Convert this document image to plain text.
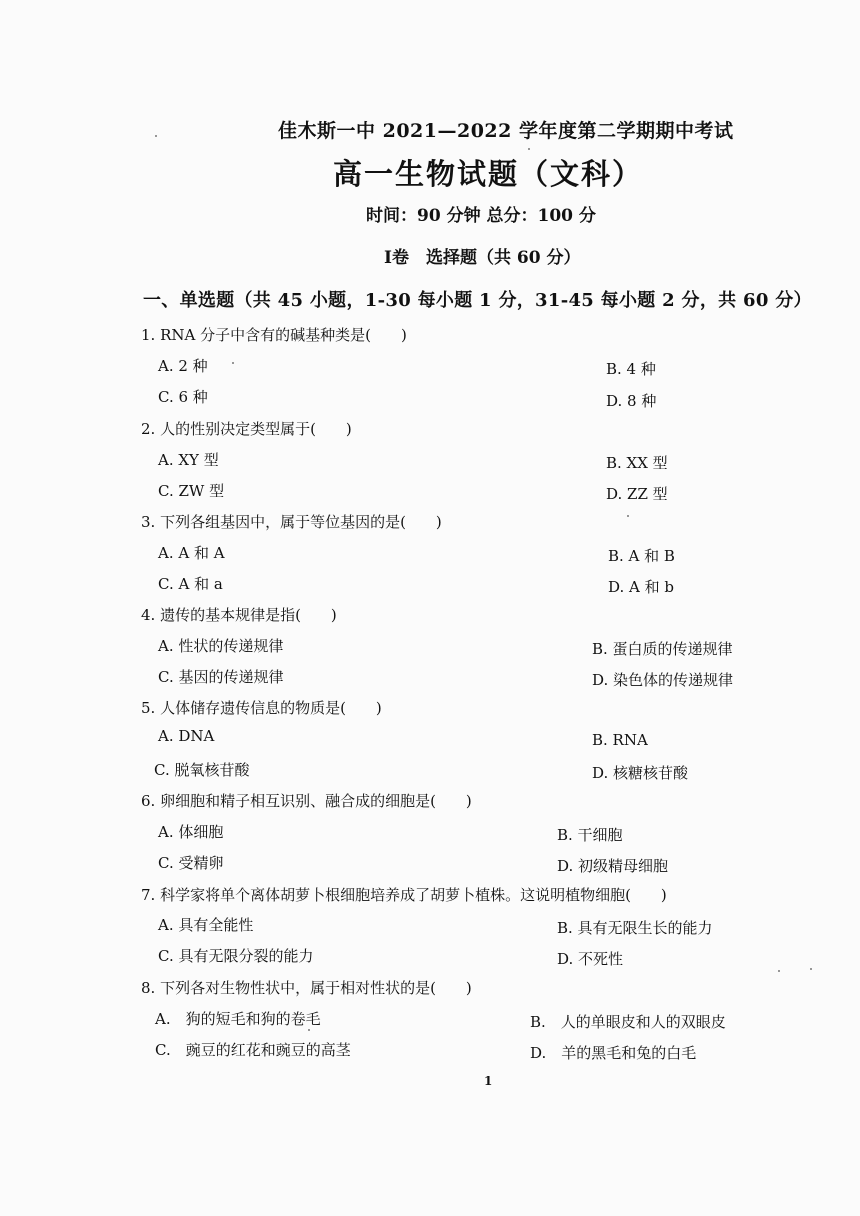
佳木斯一中 2021—2022 学年度第二学期期中考试
高一生物试题（文科）
时间：90 分钟 总分：100 分
Ⅰ卷　选择题（共 60 分）
一、单选题（共 45 小题，1-30 每小题 1 分，31-45 每小题 2 分，共 60 分）
1. RNA 分子中含有的碱基种类是(　　)
A. 2 种	B. 4 种
C. 6 种	D. 8 种
2. 人的性别决定类型属于(　　)
A. XY 型	B. XX 型
C. ZW 型	D. ZZ 型
3. 下列各组基因中，属于等位基因的是(　　)
A. A 和 A	B. A 和 B
C. A 和 a	D. A 和 b
4. 遗传的基本规律是指(　　)
A. 性状的传递规律	B. 蛋白质的传递规律
C. 基因的传递规律	D. 染色体的传递规律
5. 人体储存遗传信息的物质是(　　)
A. DNA	B. RNA
C. 脱氧核苷酸	D. 核糖核苷酸
6. 卵细胞和精子相互识别、融合成的细胞是(　　)
A. 体细胞	B. 干细胞
C. 受精卵	D. 初级精母细胞
7. 科学家将单个离体胡萝卜根细胞培养成了胡萝卜植株。这说明植物细胞(　　)
A. 具有全能性	B. 具有无限生长的能力
C. 具有无限分裂的能力	D. 不死性
8. 下列各对生物性状中，属于相对性状的是(　　)
A.　狗的短毛和狗的卷毛	B.　人的单眼皮和人的双眼皮
C.　豌豆的红花和豌豆的高茎	D.　羊的黑毛和兔的白毛
1
